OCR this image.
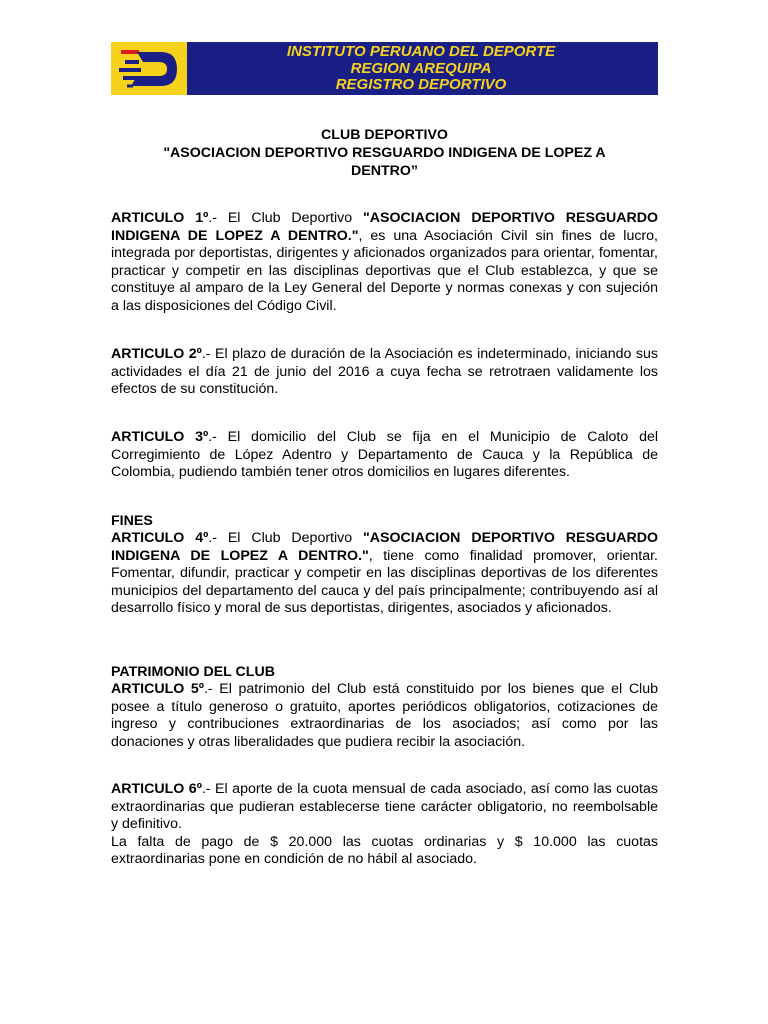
INSTITUTO PERUANO DEL DEPORTE
REGION AREQUIPA
REGISTRO DEPORTIVO
CLUB DEPORTIVO
"ASOCIACION DEPORTIVO RESGUARDO INDIGENA DE LOPEZ A
DENTRO”
ARTICULO 1º.- El Club Deportivo "ASOCIACION DEPORTIVO RESGUARDO INDIGENA DE LOPEZ A DENTRO.", es una Asociación Civil sin fines de lucro, integrada por deportistas, dirigentes y aficionados organizados para orientar, fomentar, practicar y competir en las disciplinas deportivas que el Club establezca, y que se constituye al amparo de la Ley General del Deporte y normas conexas y con sujeción a las disposiciones del Código Civil.
ARTICULO 2º.- El plazo de duración de la Asociación es indeterminado, iniciando sus actividades el día 21 de junio del 2016 a cuya fecha se retrotraen validamente los efectos de su constitución.
ARTICULO 3º.- El domicilio del Club se fija en el Municipio de Caloto del Corregimiento de López Adentro y Departamento de Cauca y la República de Colombia, pudiendo también tener otros domicilios en lugares diferentes.
FINES
ARTICULO 4º.- El Club Deportivo "ASOCIACION DEPORTIVO RESGUARDO INDIGENA DE LOPEZ A DENTRO.", tiene como finalidad promover, orientar. Fomentar, difundir, practicar y competir en las disciplinas deportivas de los diferentes municipios del departamento del cauca y del país principalmente; contribuyendo así al desarrollo físico y moral de sus deportistas, dirigentes, asociados y aficionados.
PATRIMONIO DEL CLUB
ARTICULO 5º.- El patrimonio del Club está constituido por los bienes que el Club posee a título generoso o gratuito, aportes periódicos obligatorios, cotizaciones de ingreso y contribuciones extraordinarias de los asociados; así como por las donaciones y otras liberalidades que pudiera recibir la asociación.
ARTICULO 6º.- El aporte de la cuota mensual de cada asociado, así como las cuotas extraordinarias que pudieran establecerse tiene carácter obligatorio, no reembolsable y definitivo.
La falta de pago de $ 20.000 las cuotas ordinarias y $ 10.000 las cuotas extraordinarias pone en condición de no hábil al asociado.
